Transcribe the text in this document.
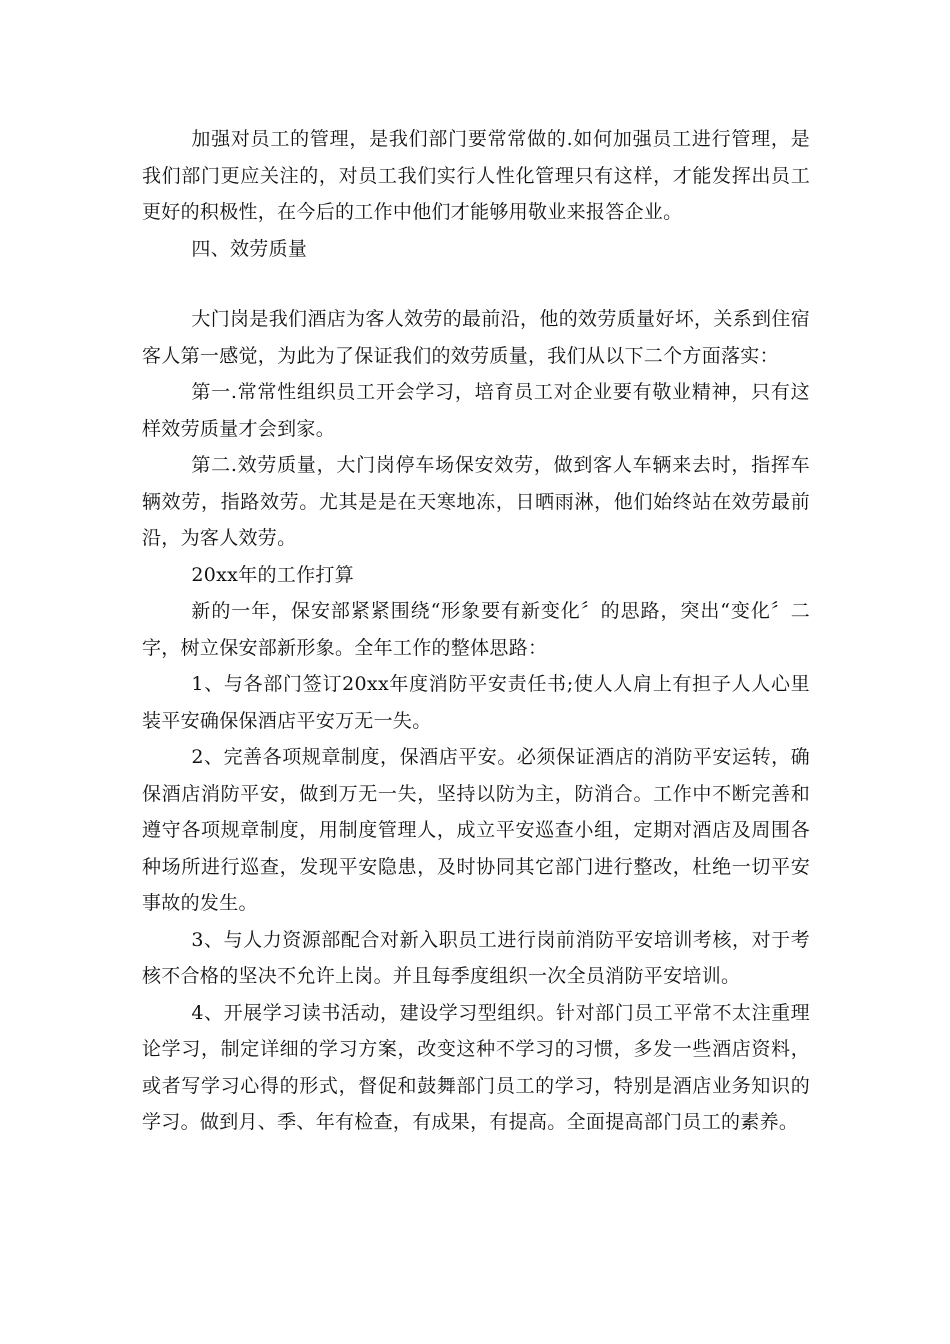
加强对员工的管理，是我们部门要常常做的.如何加强员工进行管理，是我们部门更应关注的，对员工我们实行人性化管理只有这样，才能发挥出员工更好的积极性，在今后的工作中他们才能够用敬业来报答企业。

四、效劳质量

大门岗是我们酒店为客人效劳的最前沿，他的效劳质量好坏，关系到住宿客人第一感觉，为此为了保证我们的效劳质量，我们从以下二个方面落实：

第一.常常性组织员工开会学习，培育员工对企业要有敬业精神，只有这样效劳质量才会到家。

第二.效劳质量，大门岗停车场保安效劳，做到客人车辆来去时，指挥车辆效劳，指路效劳。尤其是是在天寒地冻，日晒雨淋，他们始终站在效劳最前沿，为客人效劳。

20xx年的工作打算

新的一年，保安部紧紧围绕“形象要有新变化〞的思路，突出“变化〞二字，树立保安部新形象。全年工作的整体思路：

1、与各部门签订20xx年度消防平安责任书;使人人肩上有担子人人心里装平安确保保酒店平安万无一失。

2、完善各项规章制度，保酒店平安。必须保证酒店的消防平安运转，确保酒店消防平安，做到万无一失，坚持以防为主，防消合。工作中不断完善和遵守各项规章制度，用制度管理人，成立平安巡查小组，定期对酒店及周围各种场所进行巡查，发现平安隐患，及时协同其它部门进行整改，杜绝一切平安事故的发生。

3、与人力资源部配合对新入职员工进行岗前消防平安培训考核，对于考核不合格的坚决不允许上岗。并且每季度组织一次全员消防平安培训。

4、开展学习读书活动，建设学习型组织。针对部门员工平常不太注重理论学习，制定详细的学习方案，改变这种不学习的习惯，多发一些酒店资料，或者写学习心得的形式，督促和鼓舞部门员工的学习，特别是酒店业务知识的学习。做到月、季、年有检查，有成果，有提高。全面提高部门员工的素养。
